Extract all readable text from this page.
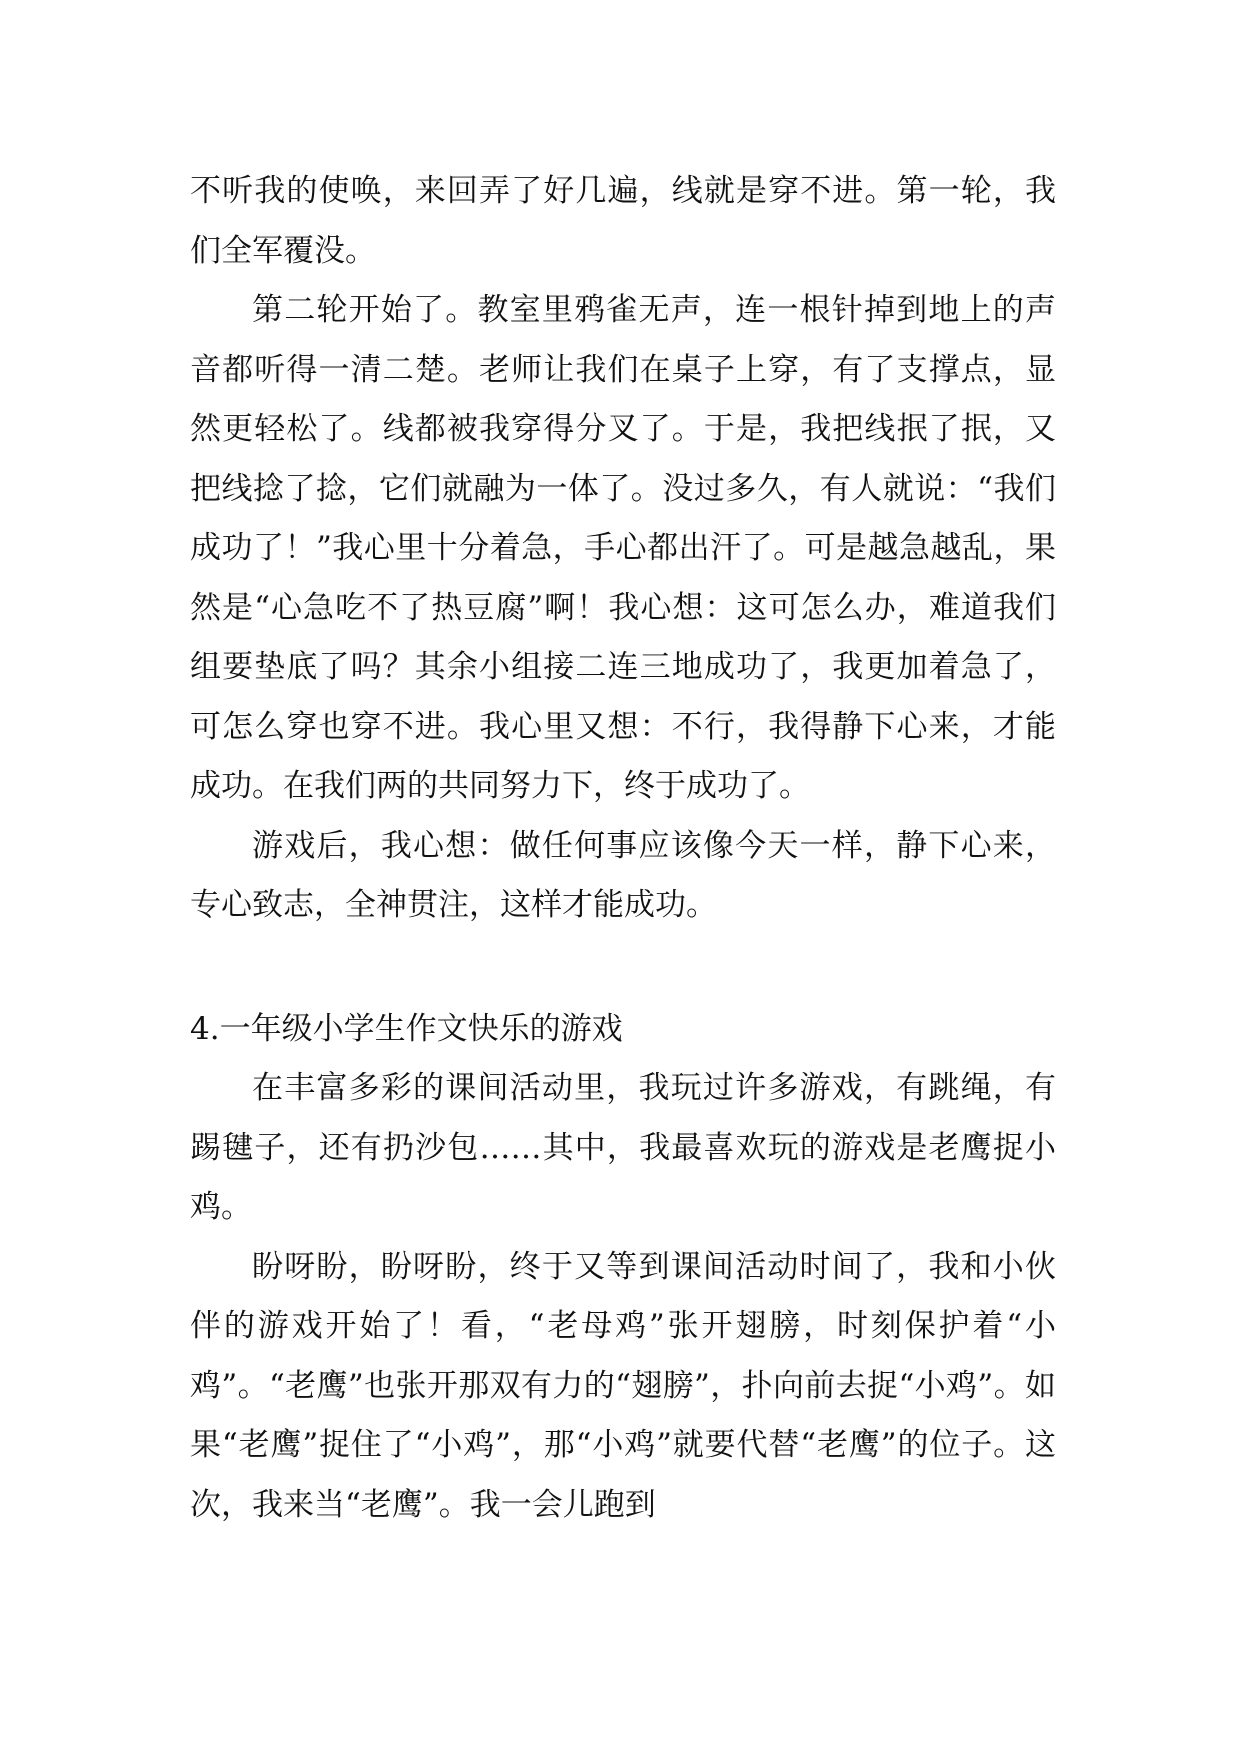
不听我的使唤，来回弄了好几遍，线就是穿不进。第一轮，我们全军覆没。

第二轮开始了。教室里鸦雀无声，连一根针掉到地上的声音都听得一清二楚。老师让我们在桌子上穿，有了支撑点，显然更轻松了。线都被我穿得分叉了。于是，我把线抿了抿，又把线捻了捻，它们就融为一体了。没过多久，有人就说：“我们成功了！”我心里十分着急，手心都出汗了。可是越急越乱，果然是“心急吃不了热豆腐”啊！我心想：这可怎么办，难道我们组要垫底了吗？其余小组接二连三地成功了，我更加着急了，可怎么穿也穿不进。我心里又想：不行，我得静下心来，才能成功。在我们两的共同努力下，终于成功了。

游戏后，我心想：做任何事应该像今天一样，静下心来，专心致志，全神贯注，这样才能成功。

4.一年级小学生作文快乐的游戏

在丰富多彩的课间活动里，我玩过许多游戏，有跳绳，有踢毽子，还有扔沙包……其中，我最喜欢玩的游戏是老鹰捉小鸡。

盼呀盼，盼呀盼，终于又等到课间活动时间了，我和小伙伴的游戏开始了！看，“老母鸡”张开翅膀，时刻保护着“小鸡”。“老鹰”也张开那双有力的“翅膀”，扑向前去捉“小鸡”。如果“老鹰”捉住了“小鸡”，那“小鸡”就要代替“老鹰”的位子。这次，我来当“老鹰”。我一会儿跑到
